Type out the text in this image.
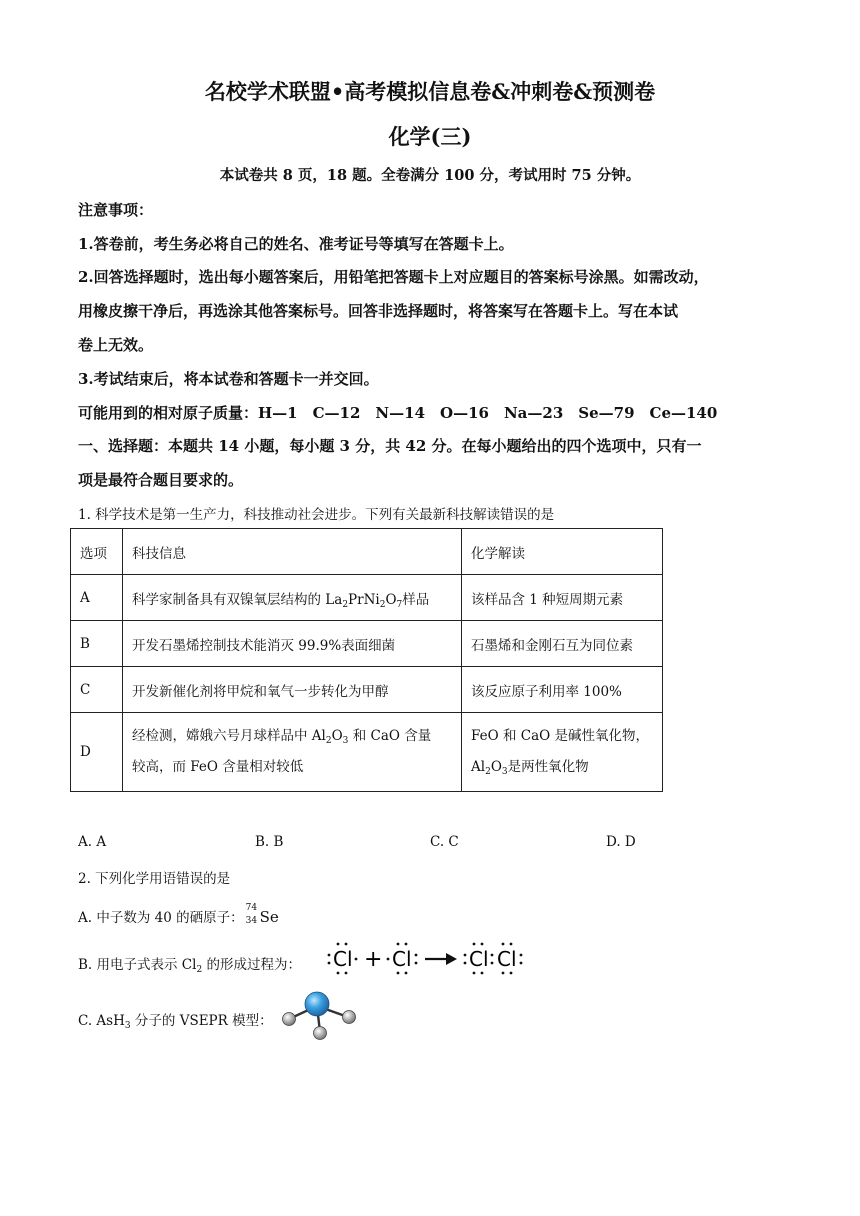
名校学术联盟•高考模拟信息卷&冲刺卷&预测卷
化学(三)
本试卷共 8 页，18 题。全卷满分 100 分，考试用时 75 分钟。
注意事项：
1.答卷前，考生务必将自己的姓名、准考证号等填写在答题卡上。
2.回答选择题时，选出每小题答案后，用铅笔把答题卡上对应题目的答案标号涂黑。如需改动，
用橡皮擦干净后，再选涂其他答案标号。回答非选择题时，将答案写在答题卡上。写在本试
卷上无效。
3.考试结束后，将本试卷和答题卡一并交回。
可能用到的相对原子质量：H—1　C—12　N—14　O—16　Na—23　Se—79　Ce—140
一、选择题：本题共 14 小题，每小题 3 分，共 42 分。在每小题给出的四个选项中，只有一
项是最符合题目要求的。
1. 科学技术是第一生产力，科技推动社会进步。下列有关最新科技解读错误的是
选项	科技信息	化学解读
A	科学家制备具有双镍氧层结构的 $La_2PrNi_2O_7$样品	该样品含 1 种短周期元素
B	开发石墨烯控制技术能消灭 99.9%表面细菌	石墨烯和金刚石互为同位素
C	开发新催化剂将甲烷和氧气一步转化为甲醇	该反应原子利用率 100%
D	经检测，嫦娥六号月球样品中 $Al_2O_3$ 和 CaO 含量
较高，而 FeO 含量相对较低	FeO 和 CaO 是碱性氧化物，
$Al_2O_3$是两性氧化物
A. A	B. B	C. C	D. D
2. 下列化学用语错误的是
A. 中子数为 40 的硒原子：
74
34 Se
B. 用电子式表示 $Cl_2$ 的形成过程为： Cl + Cl	Cl Cl
C. AsH$_3$ 分子的 VSEPR 模型：
